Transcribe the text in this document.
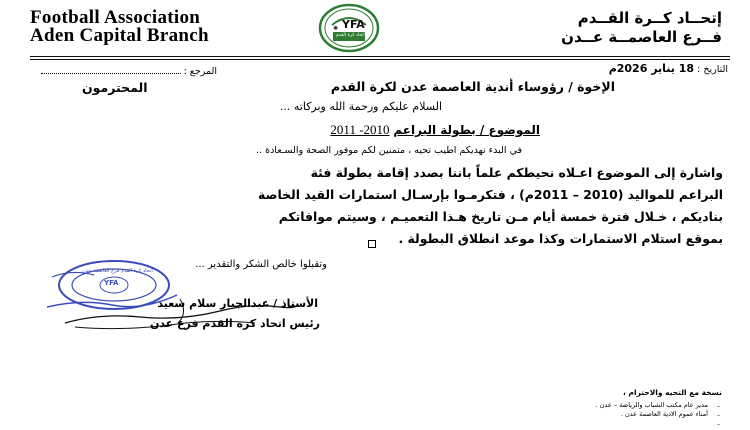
Football Association
Aden Capital Branch	✺ YFA
اتحاد كرة القدم
إتحــاد كــرة القــدم
فــرع العاصمــة عــدن
التاريخ : 18 يناير 2026م
المرجع :
الإخوة / رؤوساء أندية العاصمة عدن لكرة القدم
المحترمون
السلام عليكم ورحمة الله وبركاته ...
الموضوع / بطولة البراعم 2010- 2011
في البدء نهديكم اطيب تحيه ، متمنين لكم موفور الصحة والسـعادة ..
واشارة إلى الموضوع اعـلاه نحيطكم علماً باننا بصدد إقامة بطولة فئة
البراعم للمواليد (2010 – 2011م) ، فتكرمـوا بإرسـال استمارات القيد الخاصة
بناديكم ، خـلال فترة خمسة أيام مـن تاريخ هـذا التعميـم ، وسيتم موافاتكم
بموقع استلام الاستمارات وكذا موعد انطلاق البطولة .
وتقبلوا خالص الشكر والتقدير ...
YFA
اتحاد كرة القدم فرع العاصمة عدن
الأستاذ / عبدالجبار سلام سعيد
رئيس اتحاد كرة القدم فرع عدن
نسخة مع التحيه والاحترام ،
مدير عام مكتب الشباب والرياضة – عدن .
أمناء عموم الادية العاصمة عدن .
–
–
–
